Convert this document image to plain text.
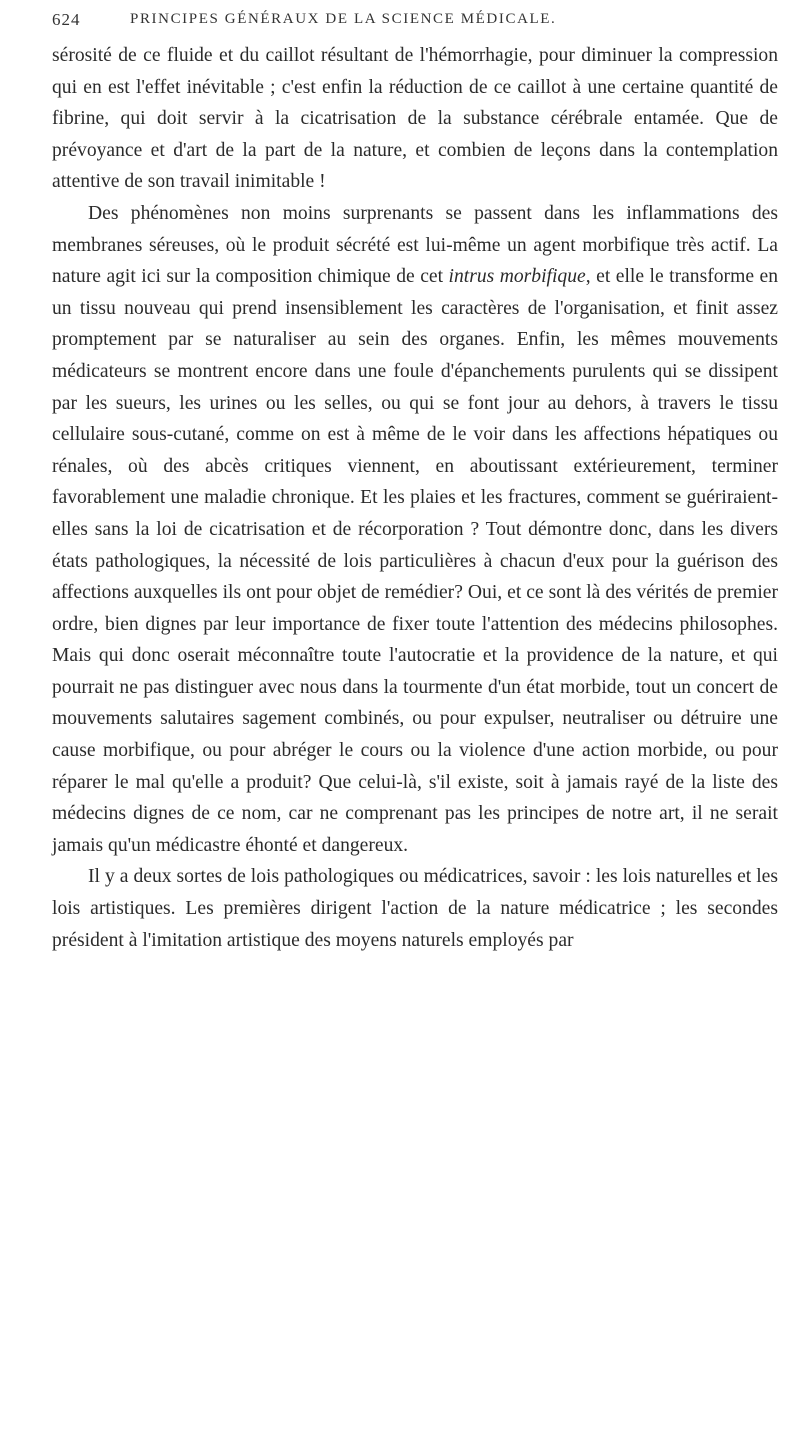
624	PRINCIPES GÉNÉRAUX DE LA SCIENCE MÉDICALE.

sérosité de ce fluide et du caillot résultant de l'hémorrhagie, pour diminuer la compression qui en est l'effet inévitable ; c'est enfin la réduction de ce caillot à une certaine quantité de fibrine, qui doit servir à la cicatrisation de la substance cérébrale entamée. Que de prévoyance et d'art de la part de la nature, et combien de leçons dans la contemplation attentive de son travail inimitable !

Des phénomènes non moins surprenants se passent dans les inflammations des membranes séreuses, où le produit sécrété est lui-même un agent morbifique très actif. La nature agit ici sur la composition chimique de cet intrus morbifique, et elle le transforme en un tissu nouveau qui prend insensiblement les caractères de l'organisation, et finit assez promptement par se naturaliser au sein des organes. Enfin, les mêmes mouvements médicateurs se montrent encore dans une foule d'épanchements purulents qui se dissipent par les sueurs, les urines ou les selles, ou qui se font jour au dehors, à travers le tissu cellulaire sous-cutané, comme on est à même de le voir dans les affections hépatiques ou rénales, où des abcès critiques viennent, en aboutissant extérieurement, terminer favorablement une maladie chronique. Et les plaies et les fractures, comment se guériraient-elles sans la loi de cicatrisation et de récorporation ? Tout démontre donc, dans les divers états pathologiques, la nécessité de lois particulières à chacun d'eux pour la guérison des affections auxquelles ils ont pour objet de remédier? Oui, et ce sont là des vérités de premier ordre, bien dignes par leur importance de fixer toute l'attention des médecins philosophes. Mais qui donc oserait méconnaître toute l'autocratie et la providence de la nature, et qui pourrait ne pas distinguer avec nous dans la tourmente d'un état morbide, tout un concert de mouvements salutaires sagement combinés, ou pour expulser, neutraliser ou détruire une cause morbifique, ou pour abréger le cours ou la violence d'une action morbide, ou pour réparer le mal qu'elle a produit? Que celui-là, s'il existe, soit à jamais rayé de la liste des médecins dignes de ce nom, car ne comprenant pas les principes de notre art, il ne serait jamais qu'un médicastre éhonté et dangereux.

Il y a deux sortes de lois pathologiques ou médicatrices, savoir : les lois naturelles et les lois artistiques. Les premières dirigent l'action de la nature médicatrice ; les secondes président à l'imitation artistique des moyens naturels employés par
